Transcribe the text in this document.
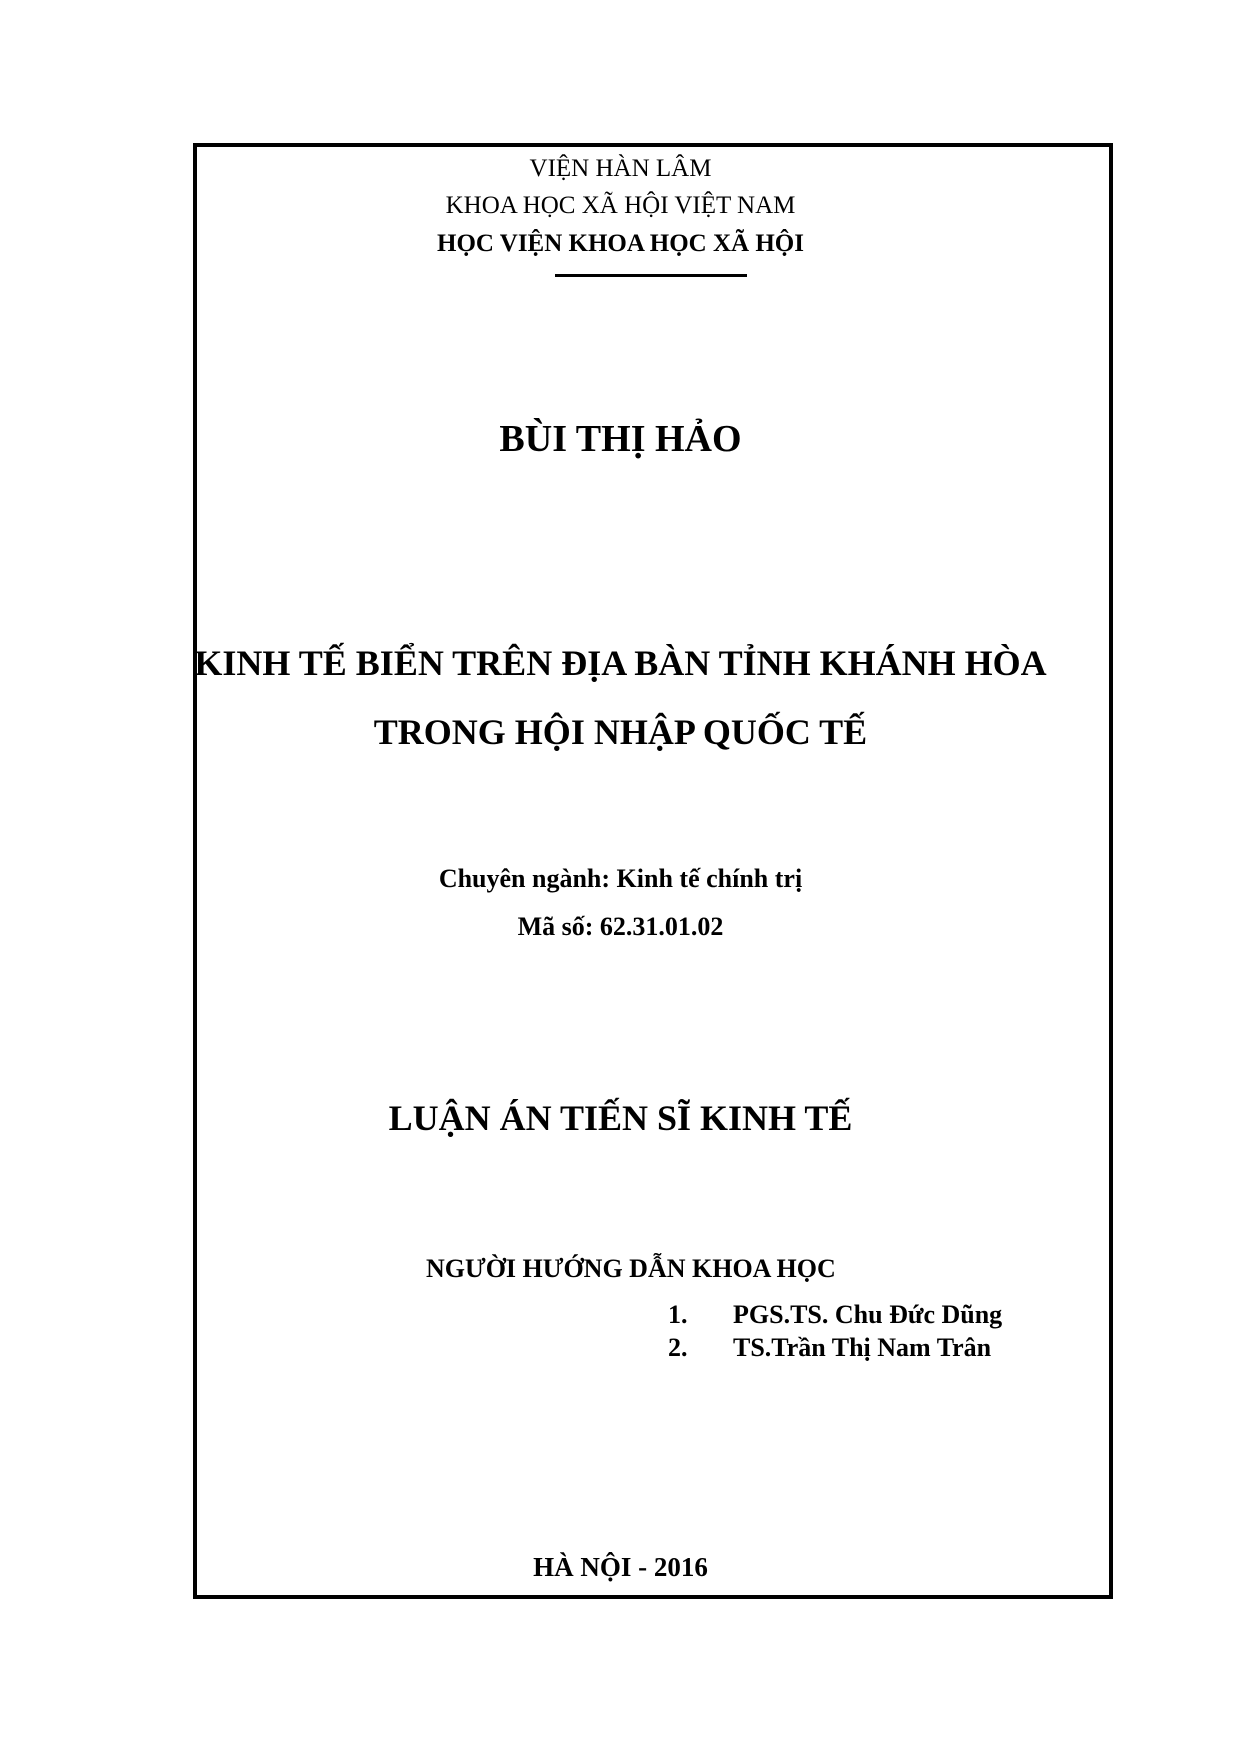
VIỆN HÀN LÂM
KHOA HỌC XÃ HỘI VIỆT NAM
HỌC VIỆN KHOA HỌC XÃ HỘI
BÙI THỊ HẢO
KINH TẾ BIỂN TRÊN ĐỊA BÀN TỈNH KHÁNH HÒA
TRONG HỘI NHẬP QUỐC TẾ
Chuyên ngành: Kinh tế chính trị
Mã số: 62.31.01.02
LUẬN ÁN TIẾN SĨ KINH TẾ
NGƯỜI HƯỚNG DẪN KHOA HỌC
1. PGS.TS. Chu Đức Dũng
2. TS.Trần Thị Nam Trân
HÀ NỘI - 2016
